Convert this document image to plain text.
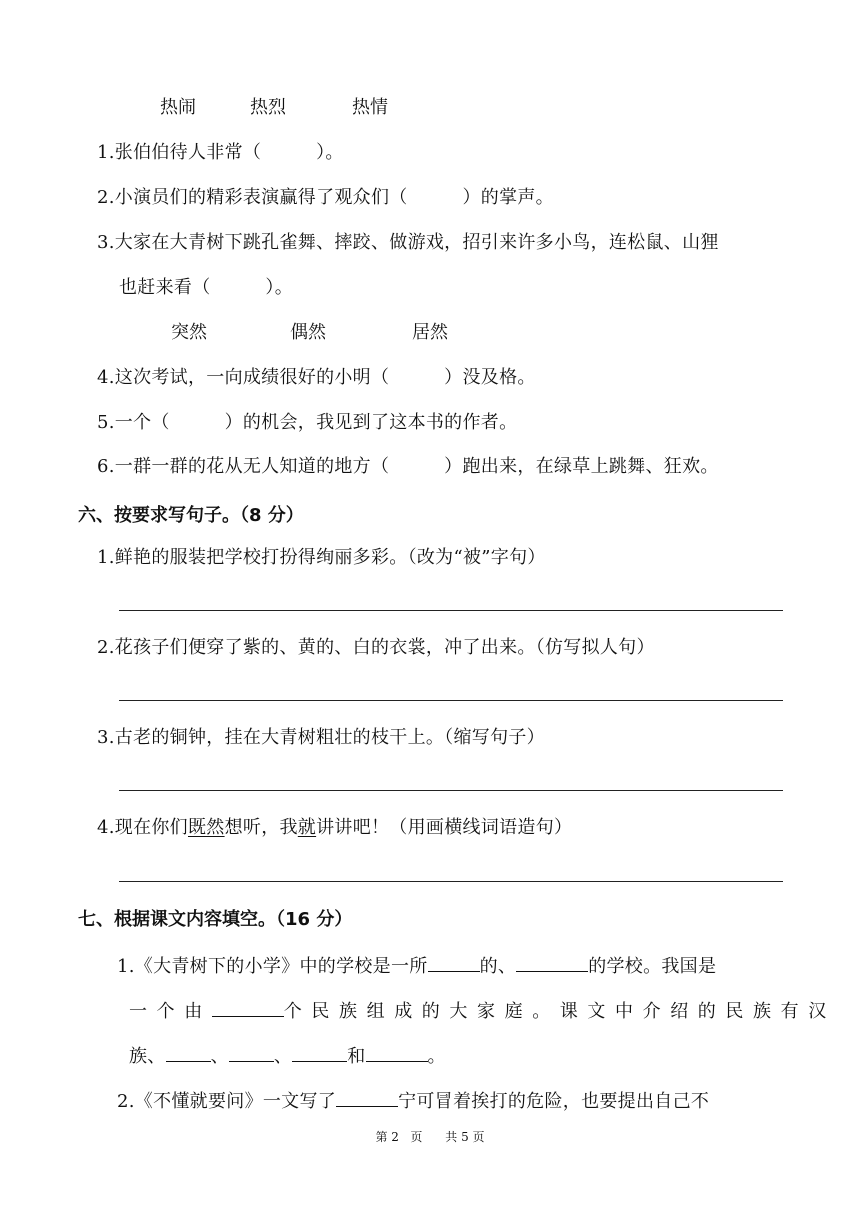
热闹	热烈	热情
1.张伯伯待人非常（　　　）。
2.小演员们的精彩表演赢得了观众们（　　　）的掌声。
3.大家在大青树下跳孔雀舞、摔跤、做游戏，招引来许多小鸟，连松鼠、山狸
也赶来看（　　　）。
突然	偶然	居然
4.这次考试，一向成绩很好的小明（　　　）没及格。
5.一个（　　　）的机会，我见到了这本书的作者。
6.一群一群的花从无人知道的地方（　　　）跑出来，在绿草上跳舞、狂欢。
六、按要求写句子。（8 分）
1.鲜艳的服装把学校打扮得绚丽多彩。（改为“被”字句）
2.花孩子们便穿了紫的、黄的、白的衣裳，冲了出来。（仿写拟人句）
3.古老的铜钟，挂在大青树粗壮的枝干上。（缩写句子）
4.现在你们既然想听，我就讲讲吧！（用画横线词语造句）
七、根据课文内容填空。（16 分）
1.《大青树下的小学》中的学校是一所	的、	的学校。我国是
一个由	个民族组成的大家庭。课文中介绍的民族有汉
族、	、	、	和	。
2.《不懂就要问》一文写了	宁可冒着挨打的危险，也要提出自己不
第 2   页      共 5 页
